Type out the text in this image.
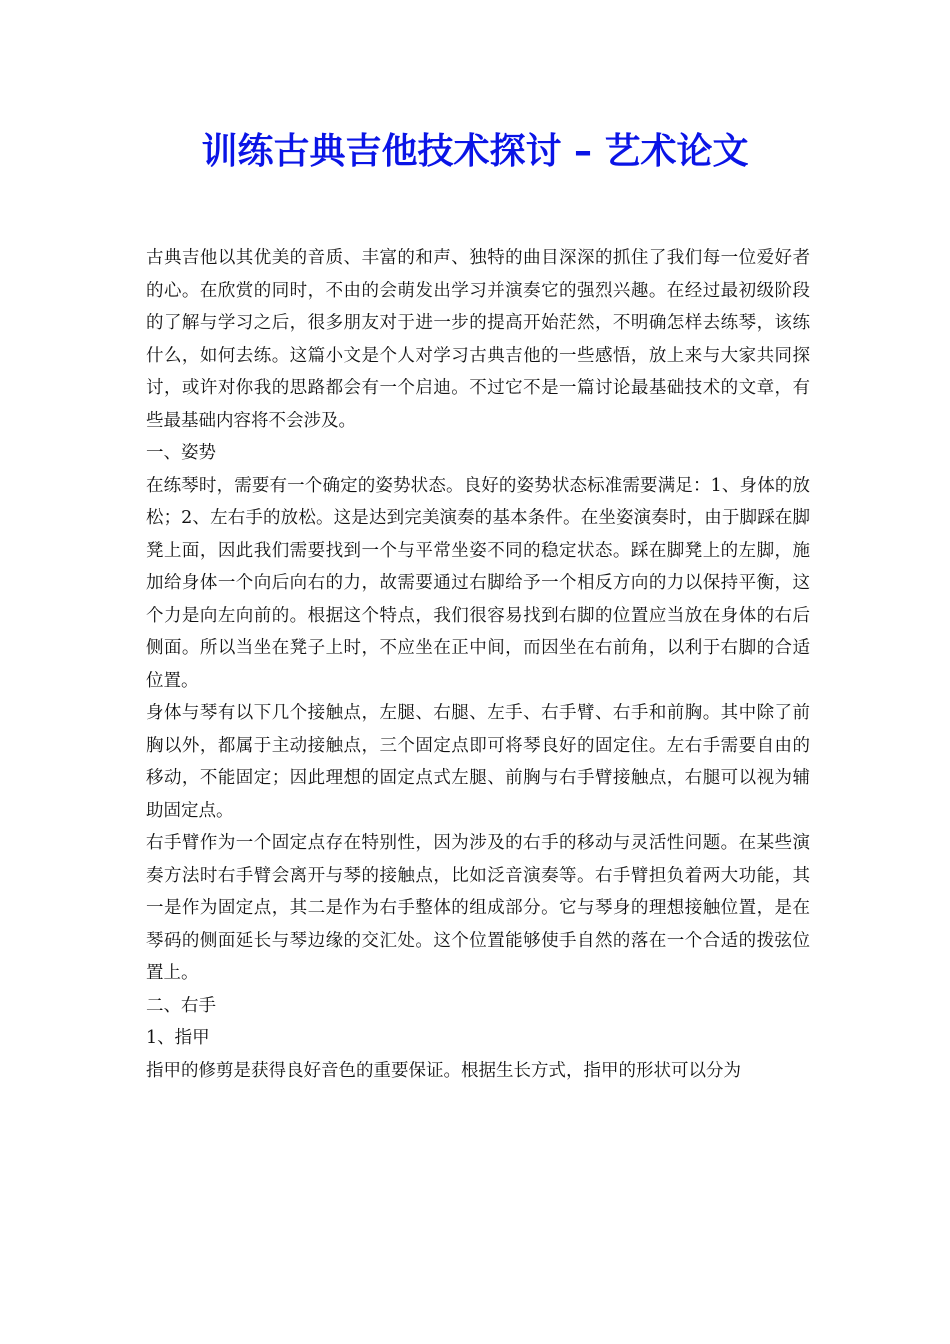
训练古典吉他技术探讨 – 艺术论文

古典吉他以其优美的音质、丰富的和声、独特的曲目深深的抓住了我们每一位爱好者的心。在欣赏的同时，不由的会萌发出学习并演奏它的强烈兴趣。在经过最初级阶段的了解与学习之后，很多朋友对于进一步的提高开始茫然，不明确怎样去练琴，该练什么，如何去练。这篇小文是个人对学习古典吉他的一些感悟，放上来与大家共同探讨，或许对你我的思路都会有一个启迪。不过它不是一篇讨论最基础技术的文章，有些最基础内容将不会涉及。

一、姿势

在练琴时，需要有一个确定的姿势状态。良好的姿势状态标准需要满足：1、身体的放松；2、左右手的放松。这是达到完美演奏的基本条件。在坐姿演奏时，由于脚踩在脚凳上面，因此我们需要找到一个与平常坐姿不同的稳定状态。踩在脚凳上的左脚，施加给身体一个向后向右的力，故需要通过右脚给予一个相反方向的力以保持平衡，这个力是向左向前的。根据这个特点，我们很容易找到右脚的位置应当放在身体的右后侧面。所以当坐在凳子上时，不应坐在正中间，而因坐在右前角，以利于右脚的合适位置。

身体与琴有以下几个接触点，左腿、右腿、左手、右手臂、右手和前胸。其中除了前胸以外，都属于主动接触点，三个固定点即可将琴良好的固定住。左右手需要自由的移动，不能固定；因此理想的固定点式左腿、前胸与右手臂接触点，右腿可以视为辅助固定点。

右手臂作为一个固定点存在特别性，因为涉及的右手的移动与灵活性问题。在某些演奏方法时右手臂会离开与琴的接触点，比如泛音演奏等。右手臂担负着两大功能，其一是作为固定点，其二是作为右手整体的组成部分。它与琴身的理想接触位置，是在琴码的侧面延长与琴边缘的交汇处。这个位置能够使手自然的落在一个合适的拨弦位置上。

二、右手

1、指甲

指甲的修剪是获得良好音色的重要保证。根据生长方式，指甲的形状可以分为
